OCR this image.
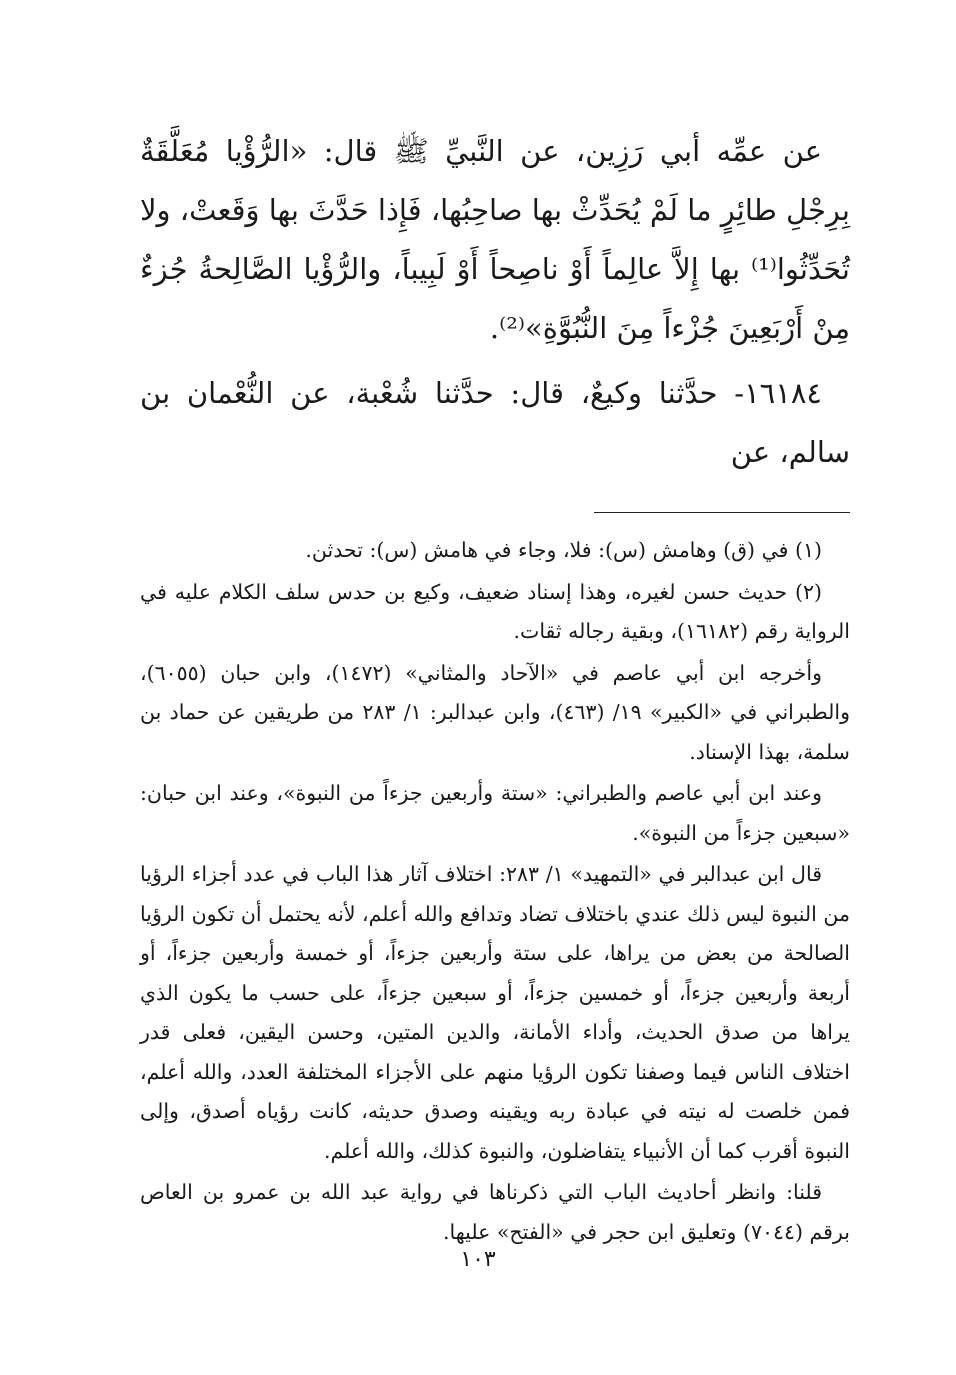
عن عمِّه أبي رَزِين، عن النَّبيِّ ﷺ قال: «الرُّؤْيا مُعَلَّقَةٌ بِرِجْلِ طائِرٍ ما لَمْ يُحَدِّثْ بها صاحِبُها، فَإِذا حَدَّثَ بها وَقَعتْ، ولا تُحَدِّثُوا⁽¹⁾ بها إِلاَّ عالِماً أَوْ ناصِحاً أَوْ لَبِيباً، والرُّؤْيا الصَّالِحةُ جُزءٌ مِنْ أَرْبَعِينَ جُزْءاً مِنَ النُّبُوَّةِ»⁽²⁾.

١٦١٨٤- حدَّثنا وكيعٌ، قال: حدَّثنا شُعْبة، عن النُّعْمان بن سالم، عن

(١) في (ق) وهامش (س): فلا، وجاء في هامش (س): تحدثن.

(٢) حديث حسن لغيره، وهذا إسناد ضعيف، وكيع بن حدس سلف الكلام عليه في الرواية رقم (١٦١٨٢)، وبقية رجاله ثقات.

وأخرجه ابن أبي عاصم في «الآحاد والمثاني» (١٤٧٢)، وابن حبان (٦٠٥٥)، والطبراني في «الكبير» ١٩/ (٤٦٣)، وابن عبدالبر: ١/ ٢٨٣ من طريقين عن حماد بن سلمة، بهذا الإسناد.

وعند ابن أبي عاصم والطبراني: «ستة وأربعين جزءاً من النبوة»، وعند ابن حبان: «سبعين جزءاً من النبوة».

قال ابن عبدالبر في «التمهيد» ١/ ٢٨٣: اختلاف آثار هذا الباب في عدد أجزاء الرؤيا من النبوة ليس ذلك عندي باختلاف تضاد وتدافع والله أعلم، لأنه يحتمل أن تكون الرؤيا الصالحة من بعض من يراها، على ستة وأربعين جزءاً، أو خمسة وأربعين جزءاً، أو أربعة وأربعين جزءاً، أو خمسين جزءاً، أو سبعين جزءاً، على حسب ما يكون الذي يراها من صدق الحديث، وأداء الأمانة، والدين المتين، وحسن اليقين، فعلى قدر اختلاف الناس فيما وصفنا تكون الرؤيا منهم على الأجزاء المختلفة العدد، والله أعلم، فمن خلصت له نيته في عبادة ربه ويقينه وصدق حديثه، كانت رؤياه أصدق، وإلى النبوة أقرب كما أن الأنبياء يتفاضلون، والنبوة كذلك، والله أعلم.

قلنا: وانظر أحاديث الباب التي ذكرناها في رواية عبد الله بن عمرو بن العاص برقم (٧٠٤٤) وتعليق ابن حجر في «الفتح» عليها.

١٠٣
